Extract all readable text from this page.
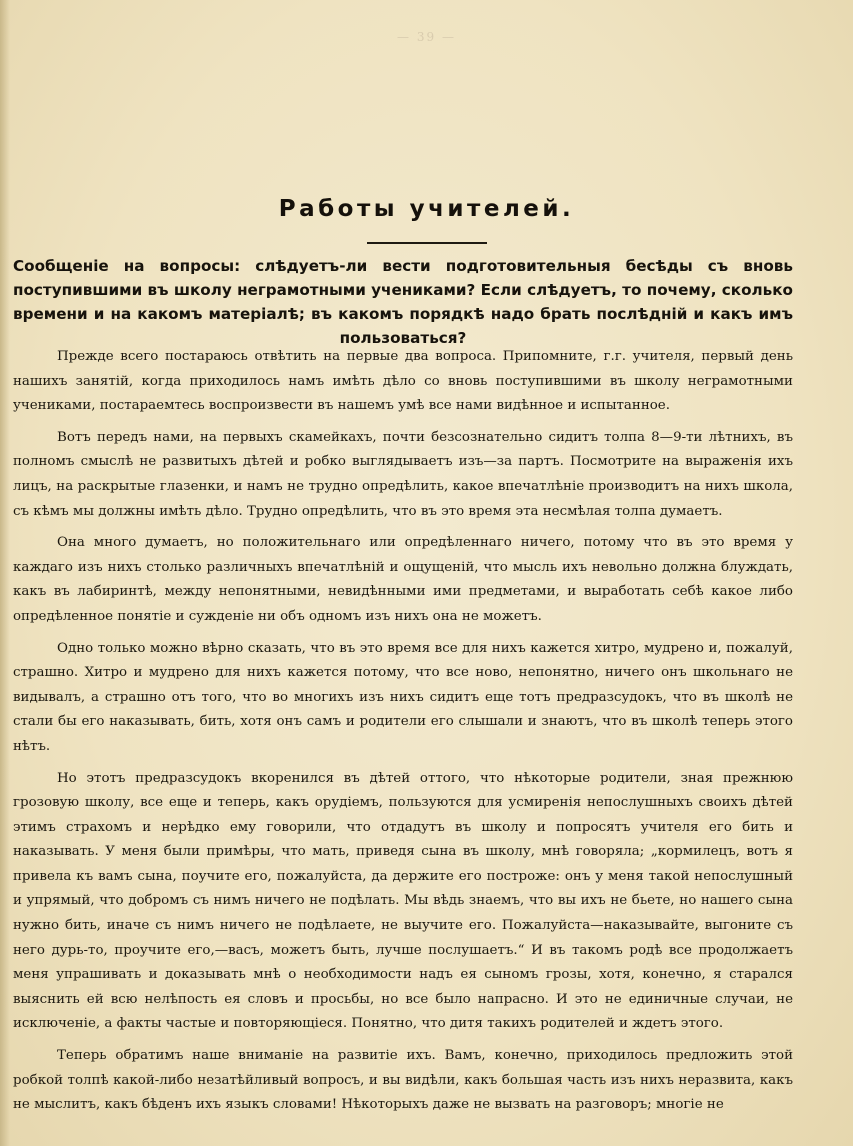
— 39 —
Работы учителей.
Сообщеніе на вопросы: слѣдуетъ-ли вести подготовительныя бесѣды съ вновь поступившими въ школу неграмотными учениками? Если слѣдуетъ, то почему, сколько времени и на какомъ матеріалѣ; въ какомъ порядкѣ надо брать послѣдній и какъ имъ пользоваться?

Прежде всего постараюсь отвѣтить на первые два вопроса. Припомните, г.г. учителя, первый день нашихъ занятій, когда приходилось намъ имѣть дѣло со вновь поступившими въ школу неграмотными учениками, постараемтесь воспроизвести въ нашемъ умѣ все нами видѣнное и испытанное.

Вотъ передъ нами, на первыхъ скамейкахъ, почти безсознательно сидитъ толпа 8—9-ти лѣтнихъ, въ полномъ смыслѣ не развитыхъ дѣтей и робко выглядываетъ изъ—за партъ. Посмотрите на выраженія ихъ лицъ, на раскрытые глазенки, и намъ не трудно опредѣлить, какое впечатлѣніе производитъ на нихъ школа, съ кѣмъ мы должны имѣть дѣло. Трудно опредѣлить, что въ это время эта несмѣлая толпа думаетъ.

Она много думаетъ, но положительнаго или опредѣленнаго ничего, потому что въ это время у каждаго изъ нихъ столько различныхъ впечатлѣній и ощущеній, что мысль ихъ невольно должна блуждать, какъ въ лабиринтѣ, между непонятными, невидѣнными ими предметами, и выработать себѣ какое либо опредѣленное понятіе и сужденіе ни объ одномъ изъ нихъ она не можетъ.

Одно только можно вѣрно сказать, что въ это время все для нихъ кажется хитро, мудрено и, пожалуй, страшно. Хитро и мудрено для нихъ кажется потому, что все ново, непонятно, ничего онъ школьнаго не видывалъ, а страшно отъ того, что во многихъ изъ нихъ сидитъ еще тотъ предразсудокъ, что въ школѣ не стали бы его наказывать, бить, хотя онъ самъ и родители его слышали и знаютъ, что въ школѣ теперь этого нѣтъ.

Но этотъ предразсудокъ вкоренился въ дѣтей оттого, что нѣкоторые родители, зная прежнюю грозовую школу, все еще и теперь, какъ орудіемъ, пользуются для усмиренія непослушныхъ своихъ дѣтей этимъ страхомъ и нерѣдко ему говорили, что отдадутъ въ школу и попросятъ учителя его бить и наказывать. У меня были примѣры, что мать, приведя сына въ школу, мнѣ говоряла; „кормилецъ, вотъ я привела къ вамъ сына, поучите его, пожалуйста, да держите его построже: онъ у меня такой непослушный и упрямый, что добромъ съ нимъ ничего не подѣлать. Мы вѣдь знаемъ, что вы ихъ не бьете, но нашего сына нужно бить, иначе съ нимъ ничего не подѣлаете, не выучите его. Пожалуйста—наказывайте, выгоните съ него дурь-то, проучите его,—васъ, можетъ быть, лучше послушаетъ.“ И въ такомъ родѣ все продолжаетъ меня упрашивать и доказывать мнѣ о необходимости надъ ея сыномъ грозы, хотя, конечно, я старался выяснить ей всю нелѣпость ея словъ и просьбы, но все было напрасно. И это не единичные случаи, не исключеніе, а факты частые и повторяющіеся. Понятно, что дитя такихъ родителей и ждетъ этого.

Теперь обратимъ наше вниманіе на развитіе ихъ. Вамъ, конечно, приходилось предложить этой робкой толпѣ какой-либо незатѣйливый вопросъ, и вы видѣли, какъ большая часть изъ нихъ неразвита, какъ не мыслитъ, какъ бѣденъ ихъ языкъ словами! Нѣкоторыхъ даже не вызвать на разговоръ; многіе не
